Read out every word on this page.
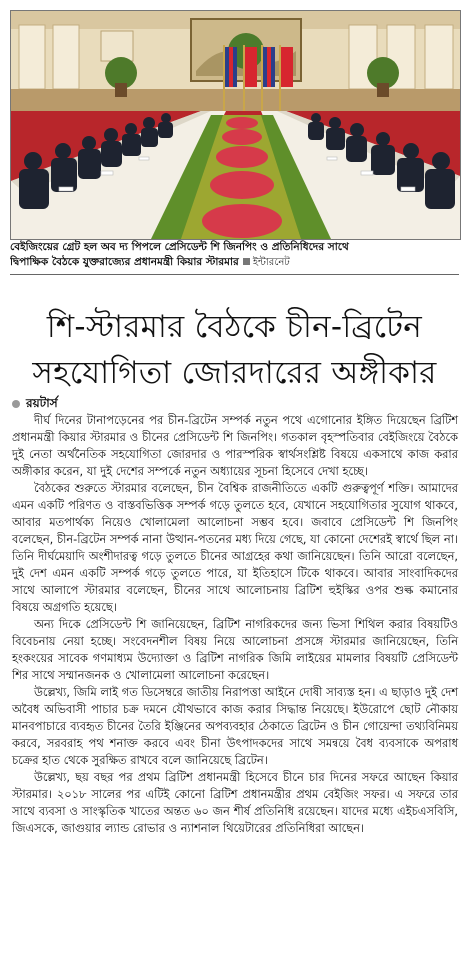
বেইজিংয়ের গ্রেট হল অব দ্য পিপলে প্রেসিডেন্ট শি জিনপিং ও প্রতিনিধিদের সাথে
দ্বিপাক্ষিক বৈঠকে যুক্তরাজ্যের প্রধানমন্ত্রী কিয়ার স্টারমার ইন্টারনেট
শি-স্টারমার বৈঠকে চীন-ব্রিটেন
সহযোগিতা জোরদারের অঙ্গীকার
রয়টার্স

দীর্ঘ দিনের টানাপড়েনের পর চীন-ব্রিটেন সম্পর্ক নতুন পথে এগোনোর ইঙ্গিত দিয়েছেন ব্রিটিশ প্রধানমন্ত্রী কিয়ার স্টারমার ও চীনের প্রেসিডেন্ট শি জিনপিং। গতকাল বৃহস্পতিবার বেইজিংয়ে বৈঠকে দুই নেতা অর্থনৈতিক সহযোগিতা জোরদার ও পারস্পরিক স্বার্থসংশ্লিষ্ট বিষয়ে একসাথে কাজ করার অঙ্গীকার করেন, যা দুই দেশের সম্পর্কে নতুন অধ্যায়ের সূচনা হিসেবে দেখা হচ্ছে।

বৈঠকের শুরুতে স্টারমার বলেছেন, চীন বৈশ্বিক রাজনীতিতে একটি গুরুত্বপূর্ণ শক্তি। আমাদের এমন একটি পরিণত ও বাস্তবভিত্তিক সম্পর্ক গড়ে তুলতে হবে, যেখানে সহযোগিতার সুযোগ থাকবে, আবার মতপার্থক্য নিয়েও খোলামেলা আলোচনা সম্ভব হবে। জবাবে প্রেসিডেন্ট শি জিনপিং বলেছেন, চীন-ব্রিটেন সম্পর্ক নানা উত্থান-পতনের মধ্য দিয়ে গেছে, যা কোনো দেশেরই স্বার্থে ছিল না। তিনি দীর্ঘমেয়াদি অংশীদারত্ব গড়ে তুলতে চীনের আগ্রহের কথা জানিয়েছেন। তিনি আরো বলেছেন, দুই দেশ এমন একটি সম্পর্ক গড়ে তুলতে পারে, যা ইতিহাসে টিকে থাকবে। আবার সাংবাদিকদের সাথে আলাপে স্টারমার বলেছেন, চীনের সাথে আলোচনায় ব্রিটিশ হুইস্কির ওপর শুল্ক কমানোর বিষয়ে অগ্রগতি হয়েছে।

অন্য দিকে প্রেসিডেন্ট শি জানিয়েছেন, ব্রিটিশ নাগরিকদের জন্য ভিসা শিথিল করার বিষয়টিও বিবেচনায় নেয়া হচ্ছে। সংবেদনশীল বিষয় নিয়ে আলোচনা প্রসঙ্গে স্টারমার জানিয়েছেন, তিনি হংকংয়ের সাবেক গণমাধ্যম উদ্যোক্তা ও ব্রিটিশ নাগরিক জিমি লাইয়ের মামলার বিষয়টি প্রেসিডেন্ট শির সাথে সম্মানজনক ও খোলামেলা আলোচনা করেছেন।

উল্লেখ্য, জিমি লাই গত ডিসেম্বরে জাতীয় নিরাপত্তা আইনে দোষী সাব্যস্ত হন। এ ছাড়াও দুই দেশ অবৈধ অভিবাসী পাচার চক্র দমনে যৌথভাবে কাজ করার সিদ্ধান্ত নিয়েছে। ইউরোপে ছোট নৌকায় মানবপাচারে ব্যবহৃত চীনের তৈরি ইঞ্জিনের অপব্যবহার ঠেকাতে ব্রিটেন ও চীন গোয়েন্দা তথ্যবিনিময় করবে, সরবরাহ পথ শনাক্ত করবে এবং চীনা উৎপাদকদের সাথে সমন্বয়ে বৈধ ব্যবসাকে অপরাধ চক্রের হাত থেকে সুরক্ষিত রাখবে বলে জানিয়েছে ব্রিটেন।

উল্লেখ্য, ছয় বছর পর প্রথম ব্রিটিশ প্রধানমন্ত্রী হিসেবে চীনে চার দিনের সফরে আছেন কিয়ার স্টারমার। ২০১৮ সালের পর এটিই কোনো ব্রিটিশ প্রধানমন্ত্রীর প্রথম বেইজিং সফর। এ সফরে তার সাথে ব্যবসা ও সাংস্কৃতিক খাতের অন্তত ৬০ জন শীর্ষ প্রতিনিধি রয়েছেন। যাদের মধ্যে এইচএসবিসি, জিএসকে, জাগুয়ার ল্যান্ড রোভার ও ন্যাশনাল থিয়েটারের প্রতিনিধিরা আছেন।
